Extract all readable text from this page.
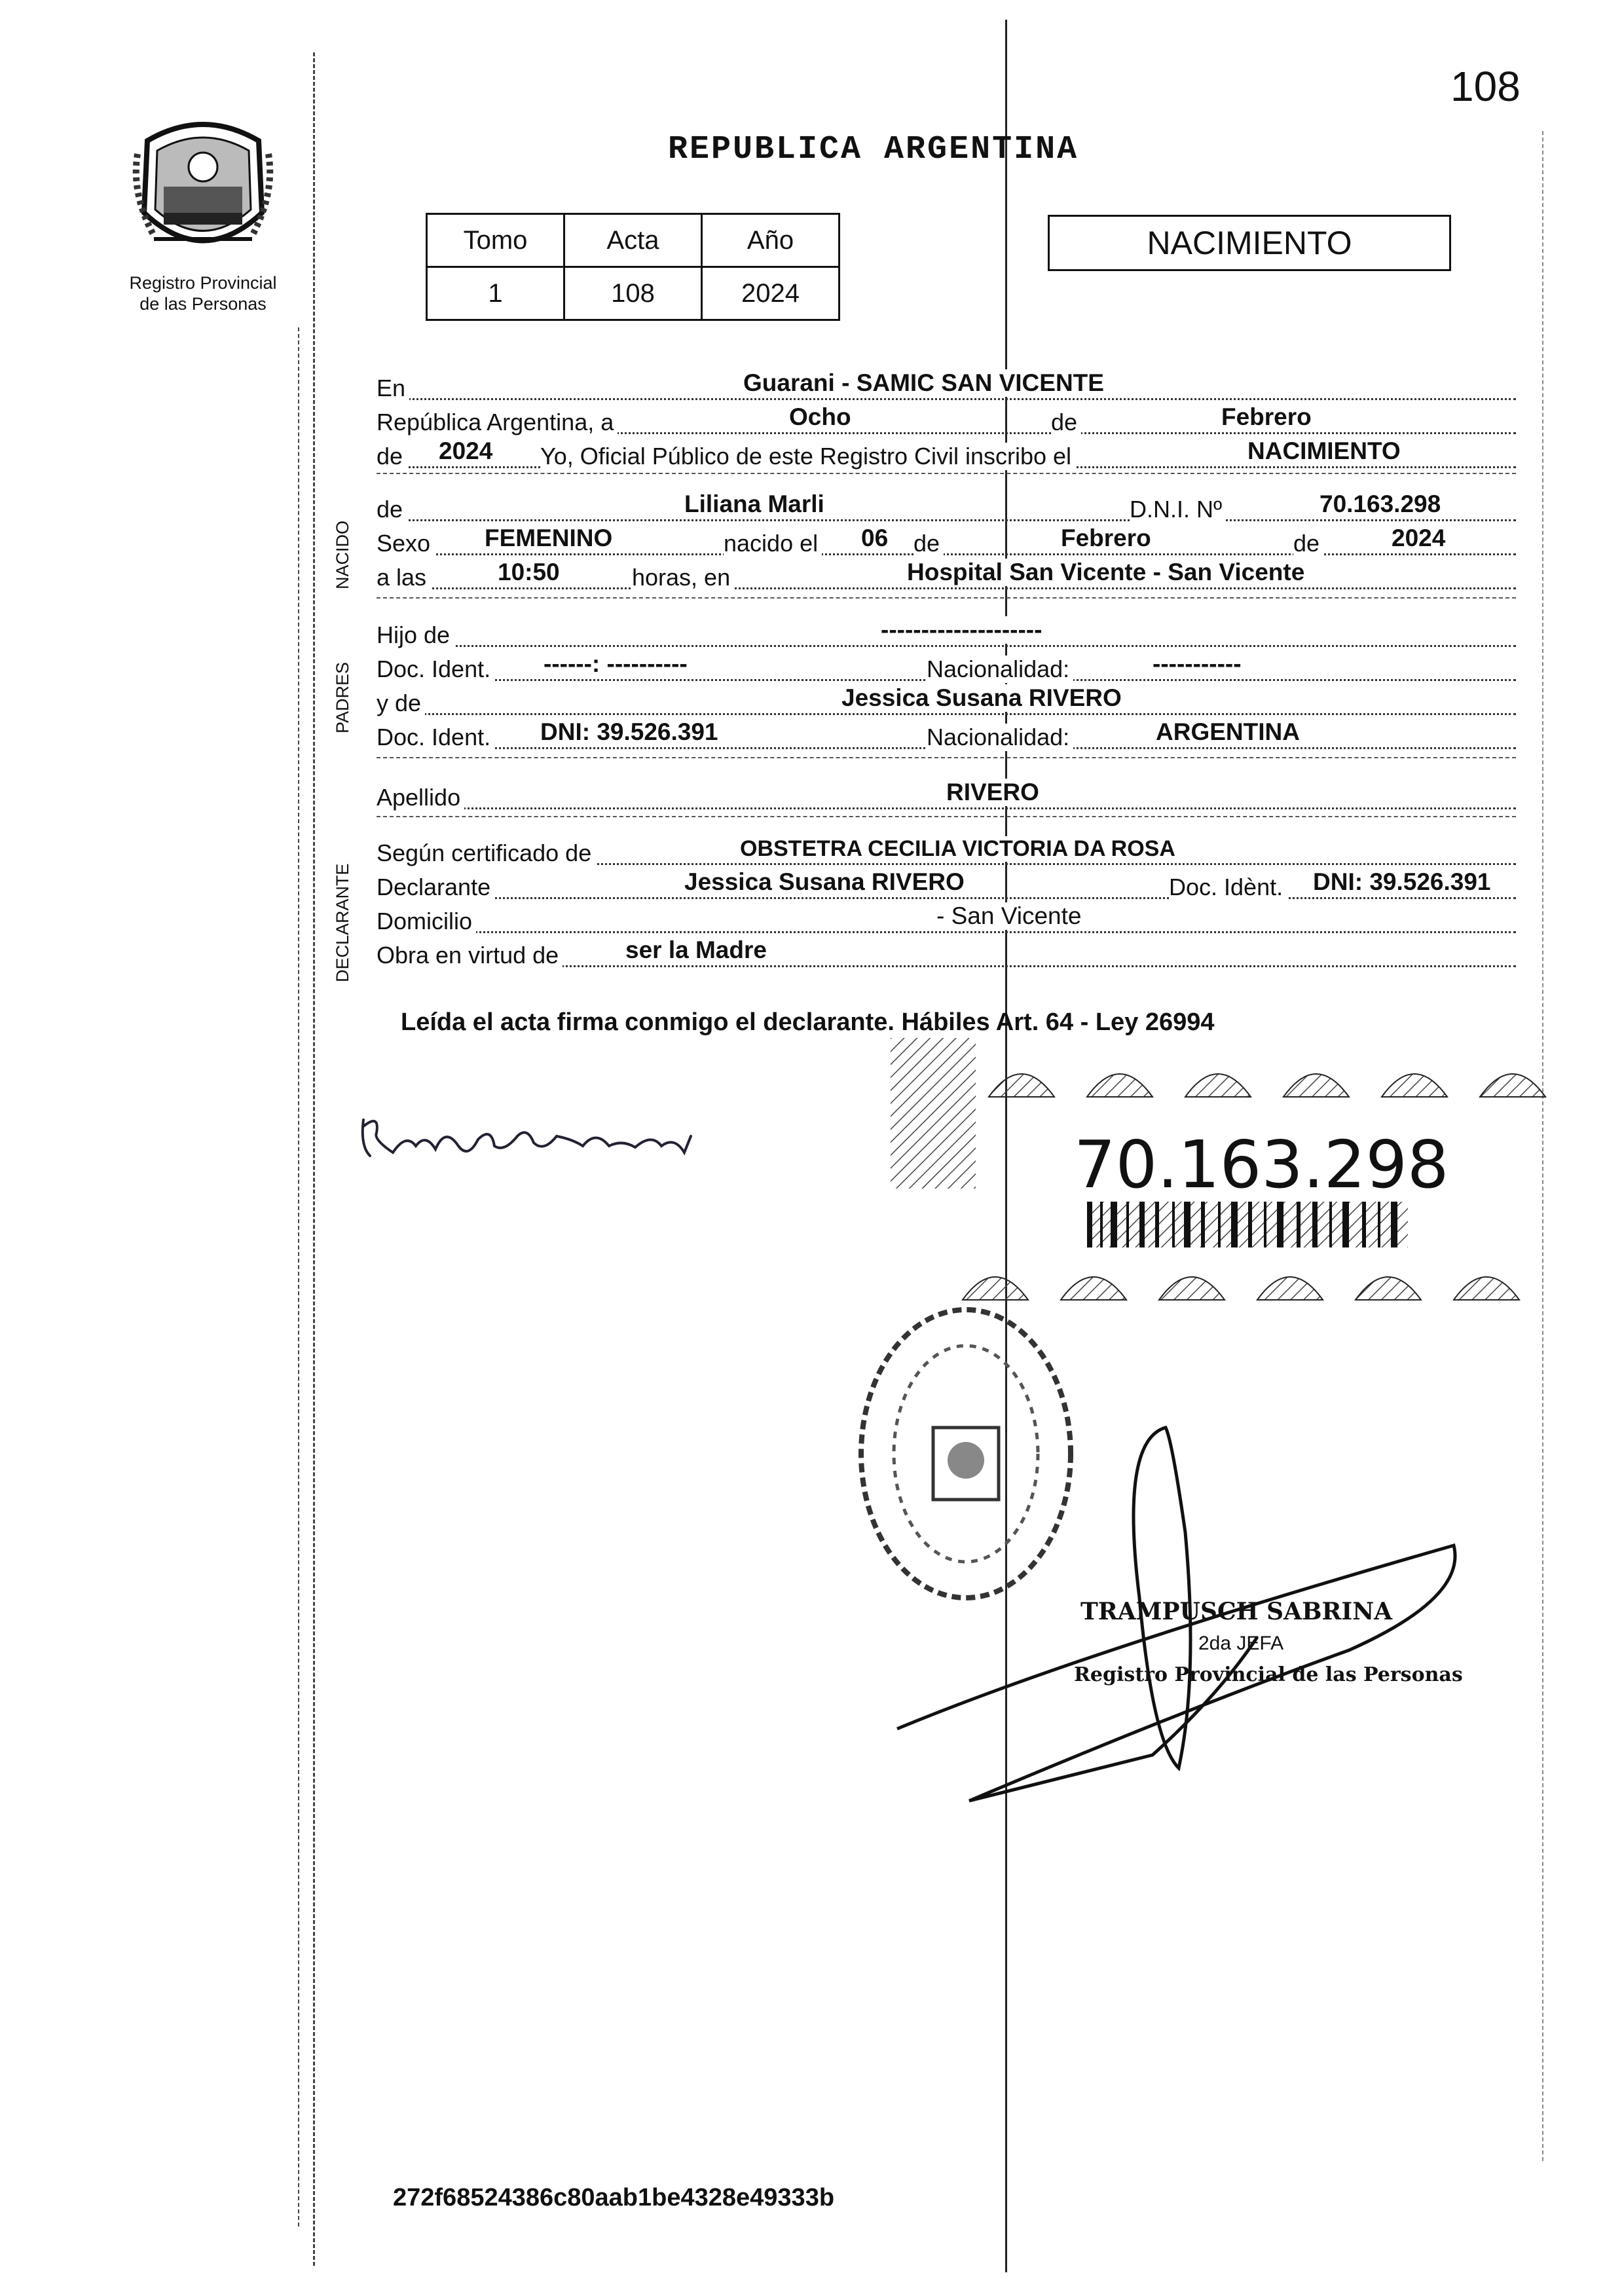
108
Registro Provincial
de las Personas
REPUBLICA ARGENTINA
Tomo	Acta	Año
1	108	2024
NACIMIENTO
En	Guarani - SAMIC SAN VICENTE
República Argentina, a	Ocho	de	Febrero
de 2024 Yo, Oficial Público de este Registro Civil inscribo el	NACIMIENTO
NACIDO
de	Liliana Marli	D.N.I. Nº	70.163.298
Sexo FEMENINO	nacido el 06 de	Febrero	de	2024
a las	10:50	horas, en	Hospital San Vicente - San Vicente
PADRES
Hijo de	--------------------
Doc. Ident. ------: ----------	Nacionalidad:	-----------
y de	Jessica Susana RIVERO
Doc. Ident. DNI: 39.526.391	Nacionalidad:	ARGENTINA
Apellido	RIVERO
DECLARANTE
Según certificado de	OBSTETRA CECILIA VICTORIA DA ROSA
Declarante	Jessica Susana RIVERO	Doc. Idènt. DNI: 39.526.391
Domicilio	- San Vicente
Obra en virtud de	ser la Madre
Leída el acta firma conmigo el declarante. Hábiles Art. 64 - Ley 26994
70.163.298
TRAMPUSCH SABRINA
2da JEFA
Registro Provincial de las Personas
272f68524386c80aab1be4328e49333b
